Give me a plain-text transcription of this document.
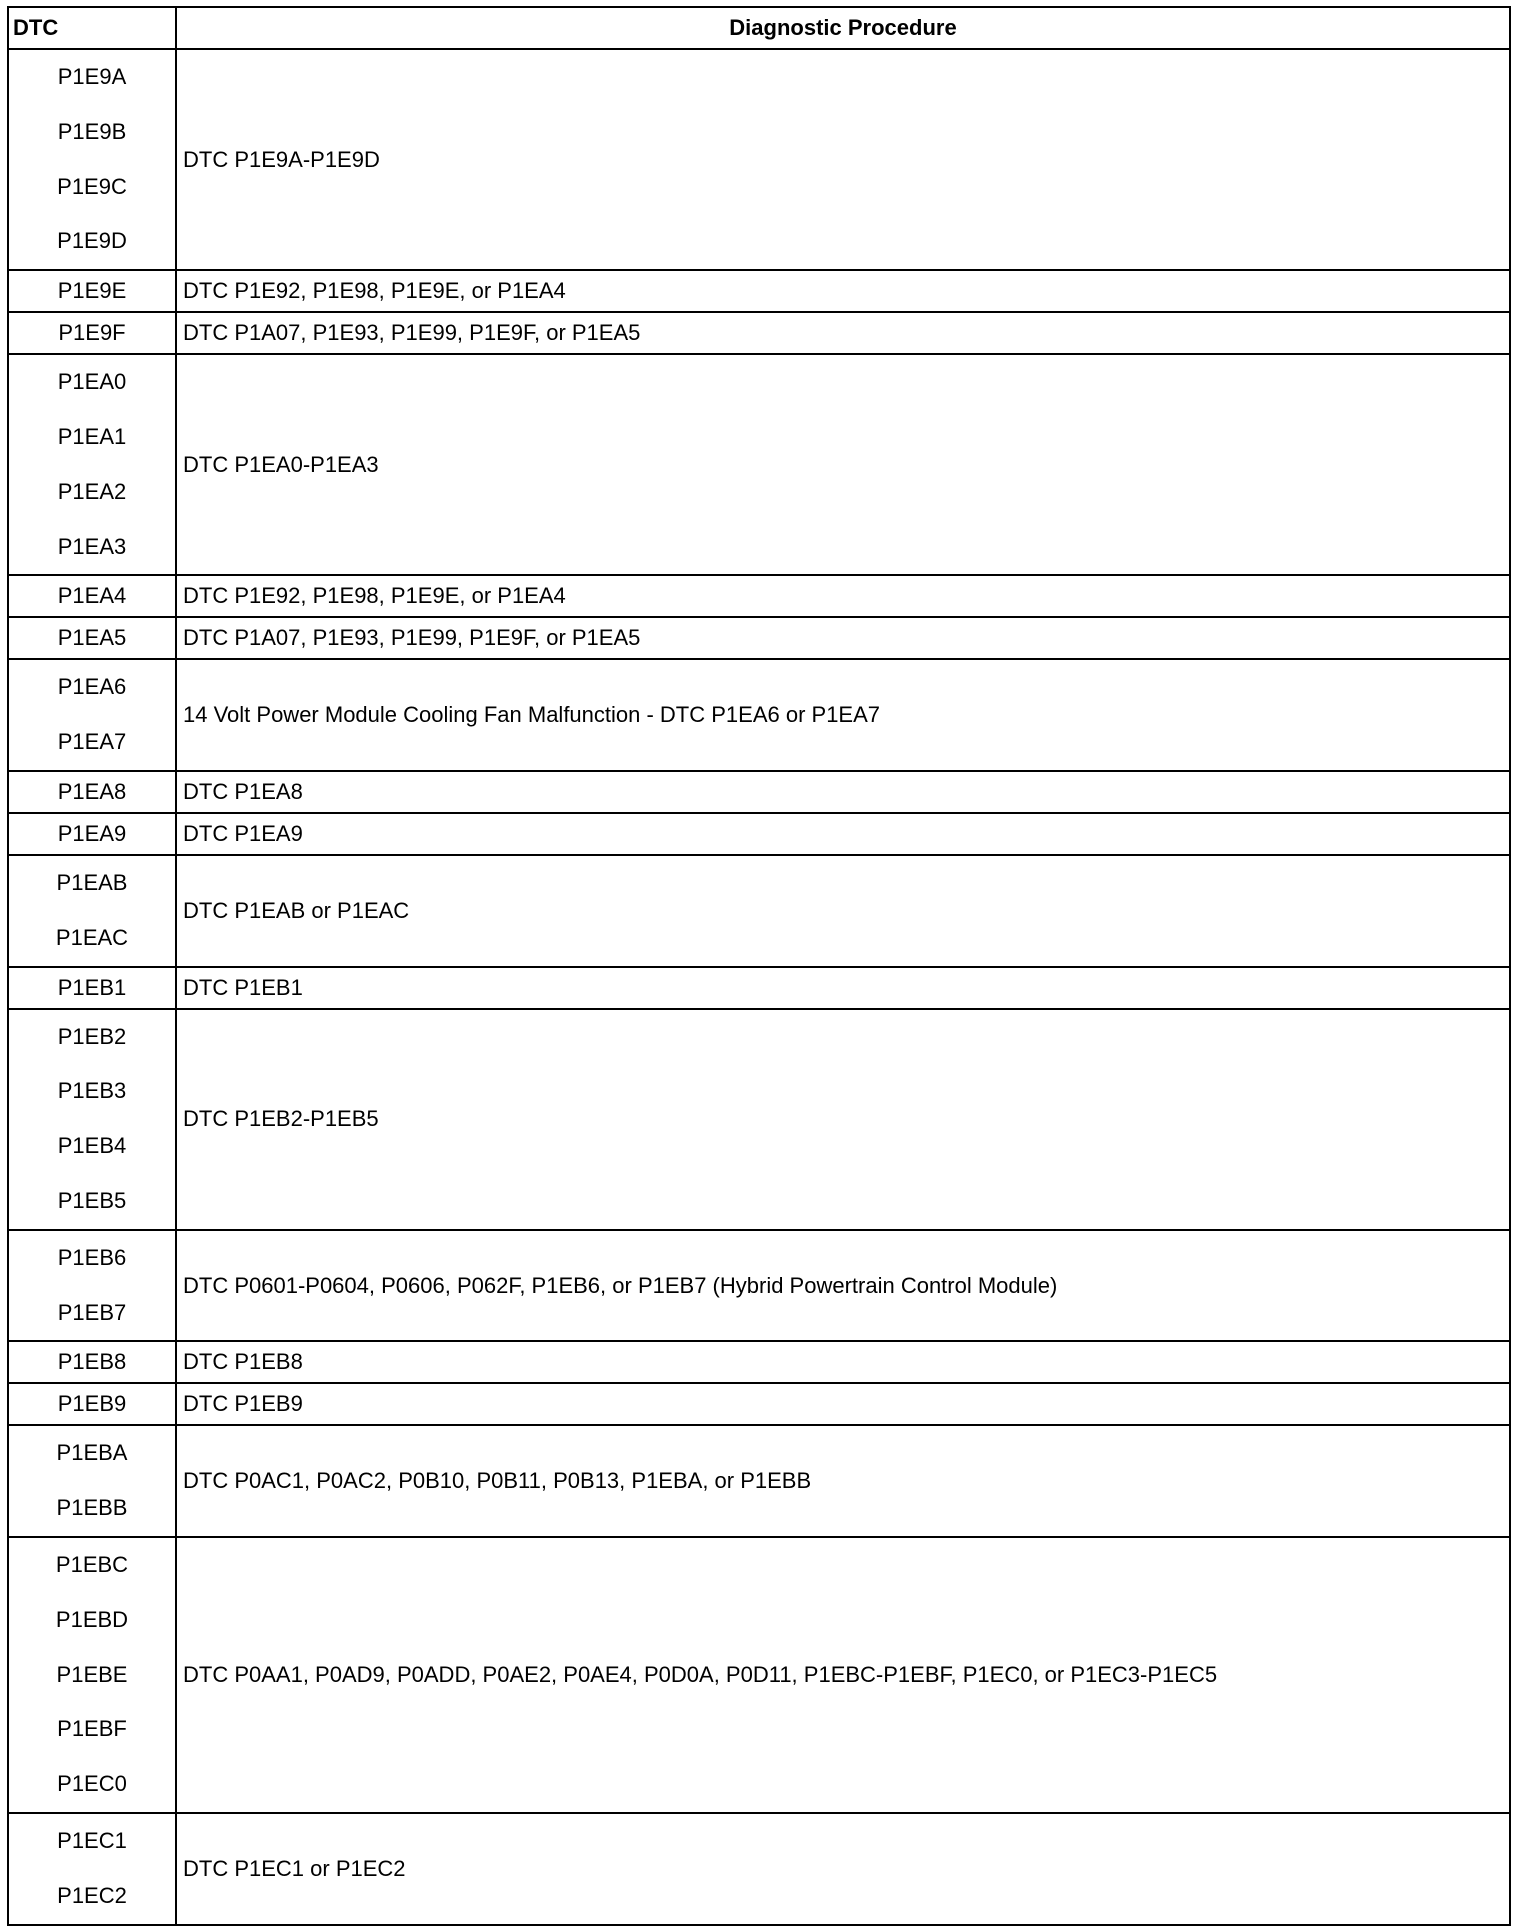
DTC	Diagnostic Procedure

P1E9A
P1E9B
P1E9C
P1E9D	DTC P1E9A-P1E9D

P1E9E	DTC P1E92, P1E98, P1E9E, or P1EA4

P1E9F	DTC P1A07, P1E93, P1E99, P1E9F, or P1EA5

P1EA0
P1EA1
P1EA2
P1EA3	DTC P1EA0-P1EA3

P1EA4	DTC P1E92, P1E98, P1E9E, or P1EA4

P1EA5	DTC P1A07, P1E93, P1E99, P1E9F, or P1EA5

P1EA6
P1EA7	14 Volt Power Module Cooling Fan Malfunction - DTC P1EA6 or P1EA7

P1EA8	DTC P1EA8

P1EA9	DTC P1EA9

P1EAB
P1EAC	DTC P1EAB or P1EAC

P1EB1	DTC P1EB1

P1EB2
P1EB3
P1EB4
P1EB5	DTC P1EB2-P1EB5

P1EB6
P1EB7	DTC P0601-P0604, P0606, P062F, P1EB6, or P1EB7 (Hybrid Powertrain Control Module)

P1EB8	DTC P1EB8

P1EB9	DTC P1EB9

P1EBA
P1EBB	DTC P0AC1, P0AC2, P0B10, P0B11, P0B13, P1EBA, or P1EBB

P1EBC
P1EBD
P1EBE
P1EBF
P1EC0	DTC P0AA1, P0AD9, P0ADD, P0AE2, P0AE4, P0D0A, P0D11, P1EBC-P1EBF, P1EC0, or P1EC3-P1EC5

P1EC1
P1EC2	DTC P1EC1 or P1EC2
